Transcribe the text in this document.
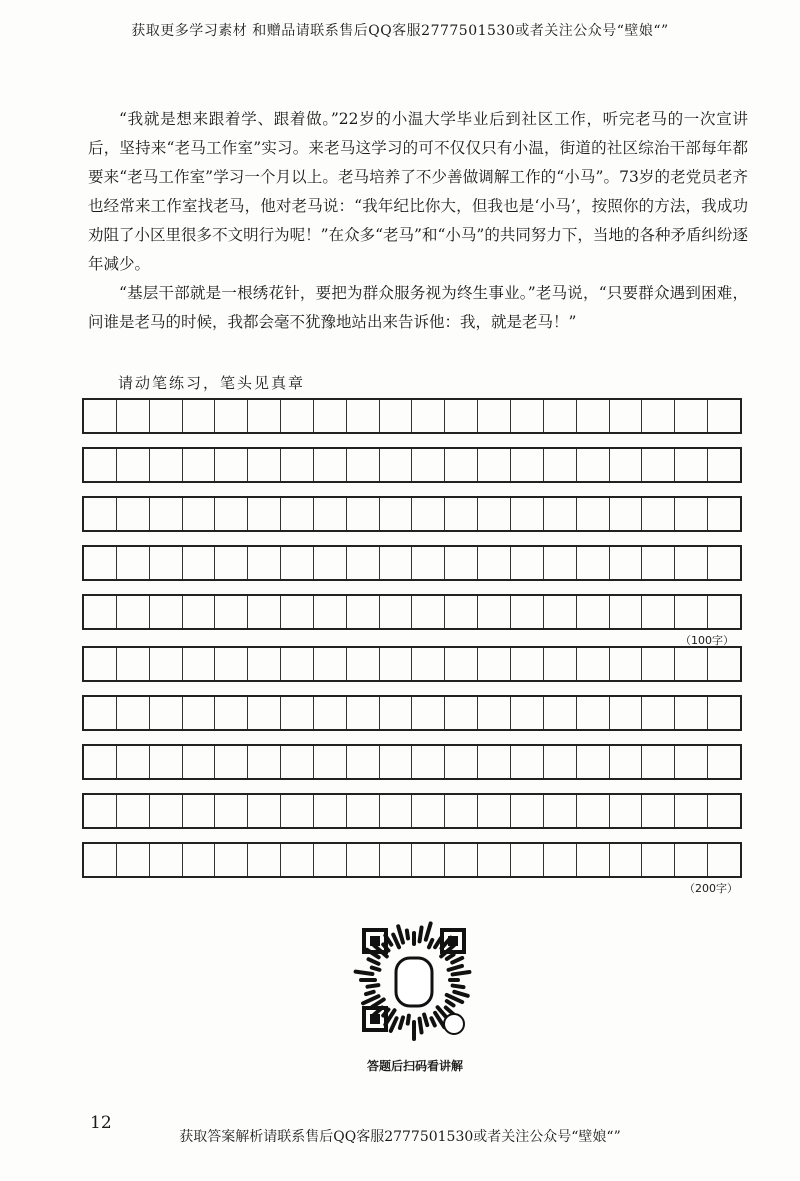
获取更多学习素材 和赠品请联系售后QQ客服2777501530或者关注公众号“壁娘“”

“我就是想来跟着学、跟着做。”22岁的小温大学毕业后到社区工作，听完老马的一次宣讲后，坚持来“老马工作室”实习。来老马这学习的可不仅仅只有小温，街道的社区综治干部每年都要来“老马工作室”学习一个月以上。老马培养了不少善做调解工作的“小马”。73岁的老党员老齐也经常来工作室找老马，他对老马说：“我年纪比你大，但我也是‘小马’，按照你的方法，我成功劝阻了小区里很多不文明行为呢！”在众多“老马”和“小马”的共同努力下，当地的各种矛盾纠纷逐年减少。

“基层干部就是一根绣花针，要把为群众服务视为终生事业。”老马说，“只要群众遇到困难，问谁是老马的时候，我都会毫不犹豫地站出来告诉他：我，就是老马！”

请动笔练习，笔头见真章
（100字）
（200字）
答题后扫码看讲解
12
获取答案解析请联系售后QQ客服2777501530或者关注公众号“壁娘“”
